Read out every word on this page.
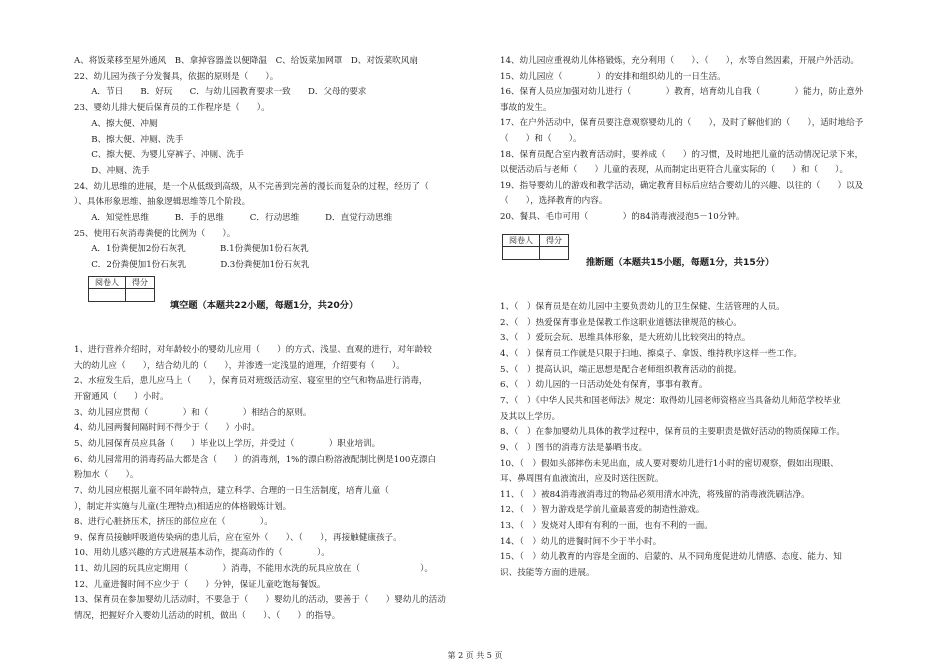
A、将饭菜移至屋外通风　B、拿掉容器盖以便降温　C、给饭菜加网罩　D、对饭菜吹风扇
22、幼儿园为孩子分发餐具，依据的原则是（　　）。
　　A．节日　　B．好玩　　C．与幼儿园教育要求一致　　D．父母的要求
23、婴幼儿排大便后保育员的工作程序是（　　）。
　　A、擦大便、冲厕
　　B、擦大便、冲厕、洗手
　　C、擦大便、为婴儿穿裤子、冲厕、洗手
　　D、冲厕、洗手
24、幼儿思维的进展，是一个从低级到高级，从不完善到完善的漫长而复杂的过程，经历了（
）、具体形象思维、抽象逻辑思维等几个阶段。
　　A．知觉性思维　　　B．手的思维　　　C．行动思维　　　D．直觉行动思维
25、使用石灰消毒粪便的比例为（　　）。
　　A．1份粪便加2份石灰乳　　　　B.1份粪便加1份石灰乳
　　C．2份粪便加1份石灰乳　　　　D.3份粪便加1份石灰乳
阅卷人	得分

填空题（本题共22小题，每题1分，共20分）
1、进行营养介绍时，对年龄较小的婴幼儿应用（　　）的方式、浅显、直观的进行，对年龄较
大的幼儿应（　　），结合幼儿的（　　），并渗透一定浅显的道理，介绍要有（　　）。
2、水痘发生后，患儿应马上（　　），保育员对班级活动室、寝室里的空气和物品进行消毒，
开窗通风（　　）小时。
3、幼儿园应贯彻（　　　　）和（　　　　）相结合的原则。
4、幼儿园两餐间隔时间不得少于（　　）小时。
5、幼儿园保育员应具备（　　）毕业以上学历，并受过（　　　　）职业培训。
6、幼儿园常用的消毒药品大都是含（　　）的消毒剂，1%的漂白粉溶液配制比例是100克漂白
粉加水（　　）。
7、幼儿园应根据儿童不同年龄特点，建立科学、合理的一日生活制度，培育儿童（　　
），制定并实施与儿童(生理特点)相适应的体格锻炼计划。
8、进行心脏挤压术，挤压的部位应在（　　　　）。
9、保育员接触呼吸道传染病的患儿后，应在室外（　　）、（　　），再接触健康孩子。
10、用幼儿感兴趣的方式进展基本动作，提高动作的（　　　　）。
11、幼儿园的玩具应定期用（　　　　）消毒，不能用水洗的玩具应放在（　　　　　　　）。
12、儿童进餐时间不应少于（　　）分钟，保证儿童吃饱每餐饭。
13、保育员在参加婴幼儿活动时，不要急于（　　）婴幼儿的活动，要善于（　　）婴幼儿的活动
情况，把握好介入婴幼儿活动的时机，做出（　　）、（　　）的指导。
14、幼儿园应重视幼儿体格锻炼，充分利用（　　）、（　　），水等自然因素，开展户外活动。
15、幼儿园应（　　　　）的安排和组织幼儿的一日生活。
16、保育人员应加强对幼儿进行（　　　　）教育，培育幼儿自我（　　　　）能力，防止意外
事故的发生。
17、在户外活动中，保育员要注意观察婴幼儿的（　　），及时了解他们的（　　），适时地给予
（　　）和（　　）。
18、保育员配合室内教育活动时，要养成（　　）的习惯，及时地把儿童的活动情况记录下来，
以便活动后与老师（　　）儿童的表现，从而制定出更符合儿童实际的（　　）和（　　）。
19、指导婴幼儿的游戏和教学活动，确定教育目标后应结合婴幼儿的兴趣、以往的（　　）以及
（　　），选择教育的内容。
20、餐具、毛巾可用（　　　　）的84消毒液浸泡5－10分钟。
阅卷人	得分

推断题（本题共15小题，每题1分，共15分）
1、（　）保育员是在幼儿园中主要负责幼儿的卫生保健、生活管理的人员。
2、（　）热爱保育事业是保教工作这职业道德法律规范的核心。
3、（　）爱玩会玩、思维具体形象，是大班幼儿比较突出的特点。
4、（　）保育员工作就是只限于扫地、擦桌子、拿饭、维持秩序这样一些工作。
5、（　）提高认识，端正思想是配合老师组织教育活动的前提。
6、（　）幼儿园的一日活动处处有保育，事事有教育。
7、（　）《中华人民共和国老师法》规定：取得幼儿园老师资格应当具备幼儿师范学校毕业
及其以上学历。
8、（　）在参加婴幼儿具体的教学过程中，保育员的主要职责是做好活动的物质保障工作。
9、（　）图书的消毒方法是暴晒书皮。
10、（　）假如头部摔伤未见出血，成人要对婴幼儿进行1小时的密切观察，假如出现眼、
耳、鼻周围有血液流出，应及时送往医院。
11、（　）被84消毒液消毒过的物品必须用清水冲洗，将残留的消毒液洗刷洁净。
12、（　）智力游戏是学前儿童最喜爱的制造性游戏。
13、（　）发烧对人即有有利的一面，也有不利的一面。
14、（　）幼儿的进餐时间不少于半小时。
15、（　）幼儿教育的内容是全面的、启蒙的、从不同角度促进幼儿情感、态度、能力、知
识、技能等方面的进展。
第 2 页 共 5 页
